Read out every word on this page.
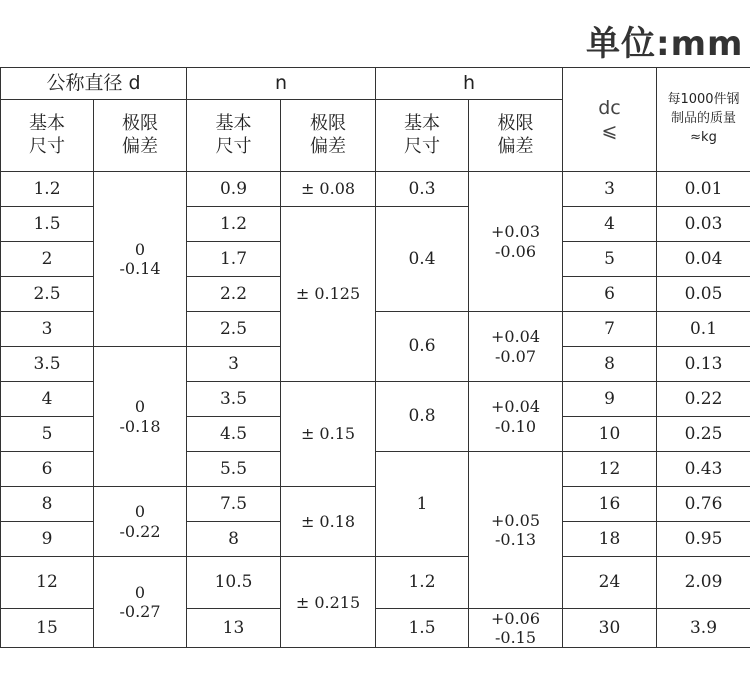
单位:mm
公称直径 d	n	h
dc
⩽
每1000件钢
制品的质量
≈kg
基本
尺寸
极限
偏差
基本
尺寸
极限
偏差
基本
尺寸
极限
偏差
1.2
1.5
2
2.5
3
3.5
4
5
6
8
9
12
15
0
-0.14
0
-0.18
0
-0.22
0
-0.27
0.9
1.2
1.7
2.2
2.5
3
3.5
4.5
5.5
7.5
8
10.5
13
± 0.08
± 0.125
± 0.15
± 0.18
± 0.215
0.3
0.4
0.6
0.8
1
1.2
1.5
+0.03
-0.06
+0.04
-0.07
+0.04
-0.10
+0.05
-0.13
+0.06
-0.15
3
4
5
6
7
8
9
10
12
16
18
24
30
0.01
0.03
0.04
0.05
0.1
0.13
0.22
0.25
0.43
0.76
0.95
2.09
3.9
